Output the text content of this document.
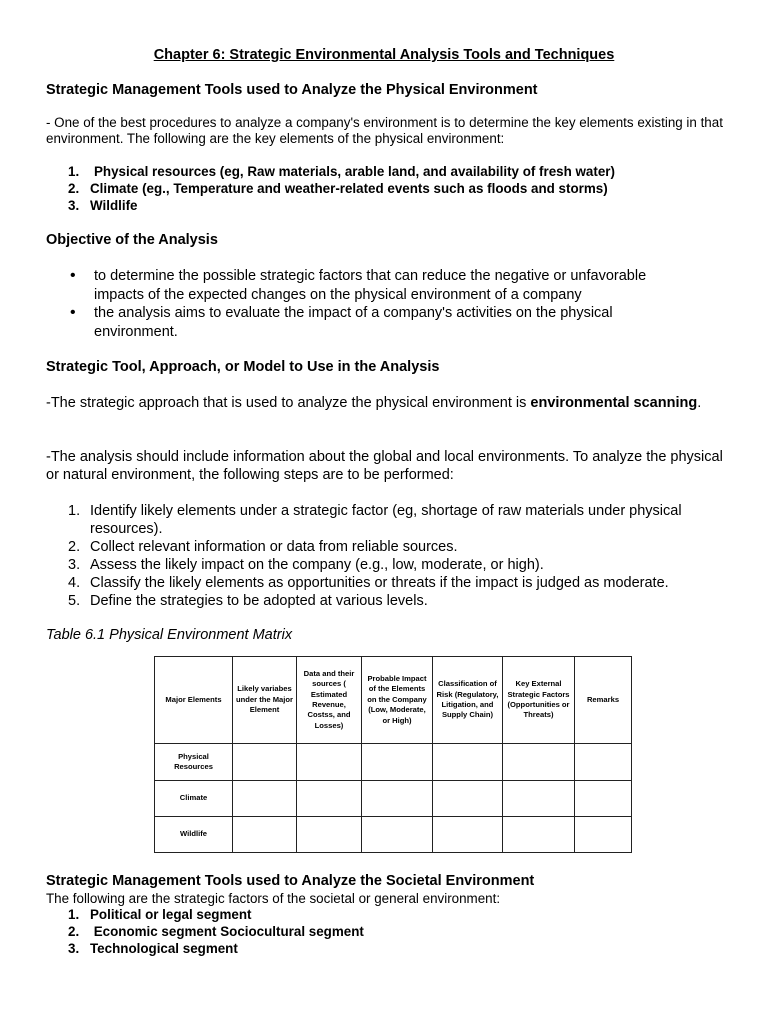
Chapter 6: Strategic Environmental Analysis Tools and Techniques
Strategic Management Tools used to Analyze the Physical Environment
- One of the best procedures to analyze a company's environment is to determine the key elements existing in that environment. The following are the key elements of the physical environment:
1. Physical resources (eg, Raw materials, arable land, and availability of fresh water)
2. Climate (eg., Temperature and weather-related events such as floods and storms)
3. Wildlife
Objective of the Analysis
• to determine the possible strategic factors that can reduce the negative or unfavorable impacts of the expected changes on the physical environment of a company
• the analysis aims to evaluate the impact of a company's activities on the physical environment.
Strategic Tool, Approach, or Model to Use in the Analysis
-The strategic approach that is used to analyze the physical environment is environmental scanning.
-The analysis should include information about the global and local environments. To analyze the physical or natural environment, the following steps are to be performed:
1. Identify likely elements under a strategic factor (eg, shortage of raw materials under physical resources).
2. Collect relevant information or data from reliable sources.
3. Assess the likely impact on the company (e.g., low, moderate, or high).
4. Classify the likely elements as opportunities or threats if the impact is judged as moderate.
5. Define the strategies to be adopted at various levels.
Table 6.1 Physical Environment Matrix
Major Elements	Likely variabes under the Major Element	Data and their sources ( Estimated Revenue, Costss, and Losses)	Probable Impact of the Elements on the Company (Low, Moderate, or High)	Classification of Risk (Regulatory, Litigation, and Supply Chain)	Key External Strategic Factors (Opportunities or Threats)	Remarks
Physical Resources						
Climate						
Wildlife						
Strategic Management Tools used to Analyze the Societal Environment
The following are the strategic factors of the societal or general environment:
1. Political or legal segment
2. Economic segment Sociocultural segment
3. Technological segment
